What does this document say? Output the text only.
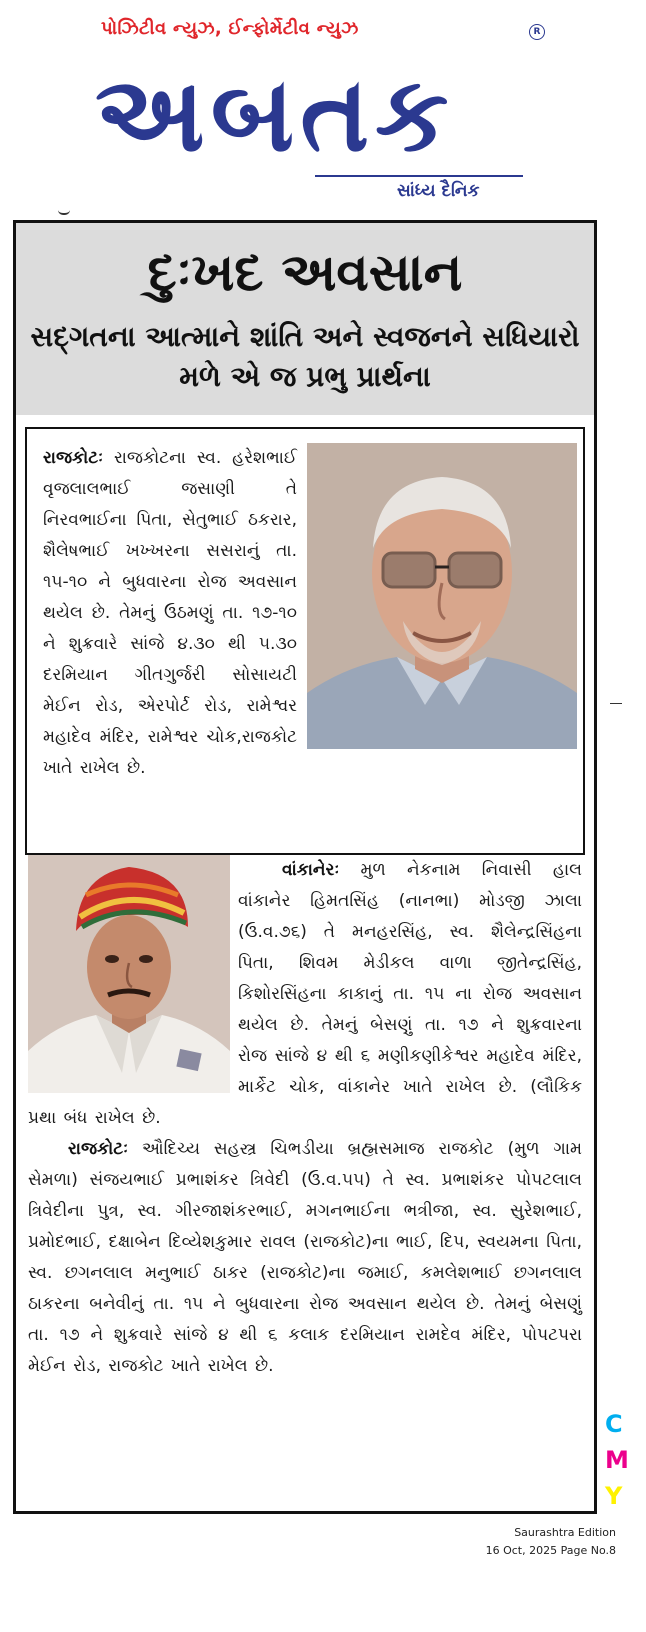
પોઝિટીવ ન્યુઝ, ઈન્ફોર્મેટીવ ન્યુઝ	R
અબતક
સાંધ્ય દૈનિક
દુઃખદ અવસાન
સદ્ગતના આત્માને શાંતિ અને સ્વજનને સધિયારો મળે એ જ પ્રભુ પ્રાર્થના
રાજકોટઃ રાજકોટના સ્વ. હરેશભાઈ વૃજલાલભાઈ જસાણી તે નિરવભાઈના પિતા, સેતુભાઈ ઠકરાર, શૈલેષભાઈ ખખ્ખરના સસરાનું તા. ૧૫-૧૦ ને બુધવારના રોજ અવસાન થયેલ છે. તેમનું ઉઠમણું તા. ૧૭-૧૦ ને શુક્રવારે સાંજે ૪.૩૦ થી ૫.૩૦ દરમિયાન ગીતગુર્જરી સોસાયટી મેઈન રોડ, એરપોર્ટ રોડ, રામેશ્વર મહાદેવ મંદિર, રામેશ્વર ચોક,રાજકોટ ખાતે રાખેલ છે.
વાંકાનેરઃ મુળ નેકનામ નિવાસી હાલ વાંકાનેર હિમતસિંહ (નાનભા) મોડજી ઝાલા (ઉ.વ.૭૬) તે મનહરસિંહ, સ્વ. શૈલેન્દ્રસિંહના પિતા, શિવમ મેડીકલ વાળા જીતેન્દ્રસિંહ, કિશોરસિંહના કાકાનું તા. ૧૫ ના રોજ અવસાન થયેલ છે. તેમનું બેસણું તા. ૧૭ ને શુક્રવારના રોજ સાંજે ૪ થી ૬ મણીકણીકેશ્વર મહાદેવ મંદિર, માર્કેટ ચોક, વાંકાનેર ખાતે રાખેલ છે. (લૌકિક પ્રથા બંધ રાખેલ છે.
રાજકોટઃ ઔદિચ્ય સહસ્ત્ર ચિભડીયા બ્રહ્મસમાજ રાજકોટ (મુળ ગામ સેમળા) સંજયભાઈ પ્રભાશંકર ત્રિવેદી (ઉ.વ.૫૫) તે સ્વ. પ્રભાશંકર પોપટલાલ ત્રિવેદીના પુત્ર, સ્વ. ગીરજાશંકરભાઈ, મગનભાઈના ભત્રીજા, સ્વ. સુરેશભાઈ, પ્રમોદભાઈ, દક્ષાબેન દિવ્યેશકુમાર રાવલ (રાજકોટ)ના ભાઈ, દિપ, સ્વયમના પિતા, સ્વ. છગનલાલ મનુભાઈ ઠાકર (રાજકોટ)ના જમાઈ, કમલેશભાઈ છગનલાલ ઠાકરના બનેવીનું તા. ૧૫ ને બુધવારના રોજ અવસાન થયેલ છે. તેમનું બેસણું તા. ૧૭ ને શુક્રવારે સાંજે ૪ થી ૬ કલાક દરમિયાન રામદેવ મંદિર, પોપટપરા મેઈન રોડ, રાજકોટ ખાતે રાખેલ છે.
C
M
Y
Saurashtra Edition
16 Oct, 2025 Page No.8
